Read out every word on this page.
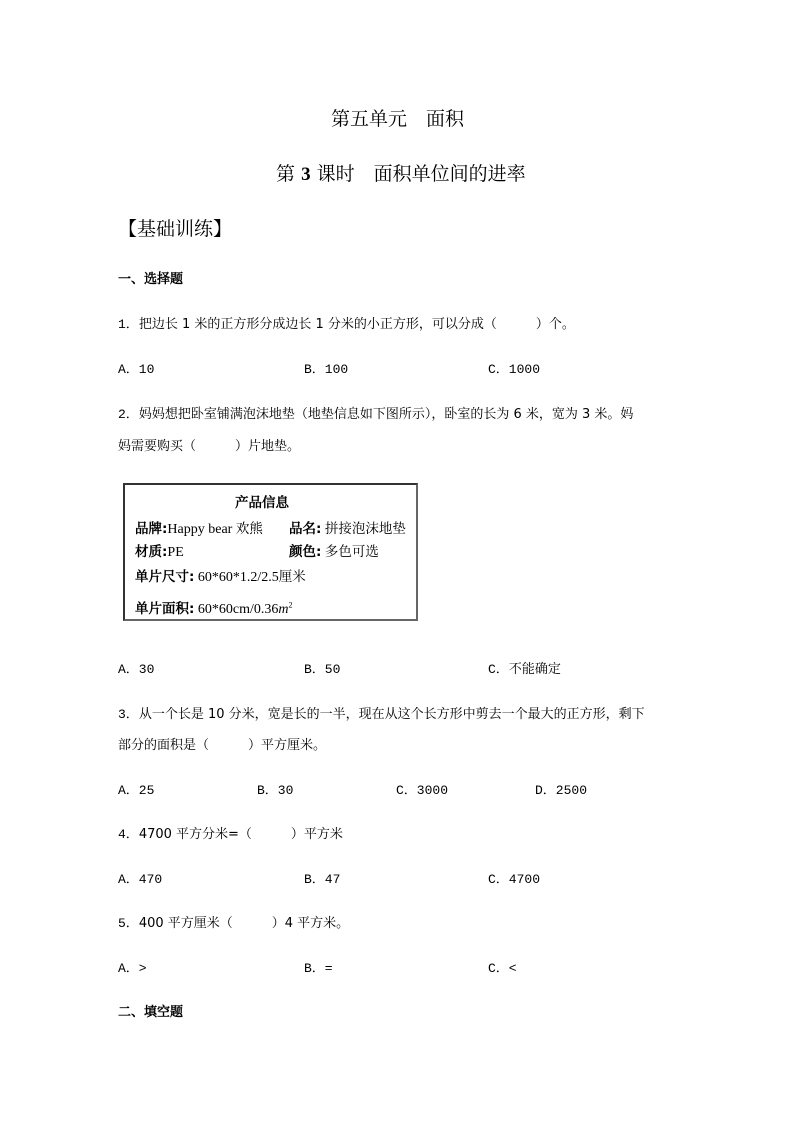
第五单元　面积
第 3 课时　面积单位间的进率
【基础训练】
一、选择题
1．把边长 1 米的正方形分成边长 1 分米的小正方形，可以分成（　　　）个。
A．10	B．100	C．1000
2．妈妈想把卧室铺满泡沫地垫（地垫信息如下图所示），卧室的长为 6 米，宽为 3 米。妈
妈需要购买（　　　）片地垫。
产品信息
品牌:Happy bear 欢熊 品名: 拼接泡沫地垫
材质:PE	颜色: 多色可选
单片尺寸: 60*60*1.2/2.5厘米
单片面积: $60*60cm/0.36m^2$
A．30	B．50	C．不能确定
3．从一个长是 10 分米，宽是长的一半，现在从这个长方形中剪去一个最大的正方形，剩下
部分的面积是（　　　）平方厘米。
A．25	B．30	C．3000	D．2500
4．4700 平方分米=（　　　）平方米
A．470	B．47	C．4700
5．400 平方厘米（　　　）4 平方米。
A．>	B．=	C．<
二、填空题
